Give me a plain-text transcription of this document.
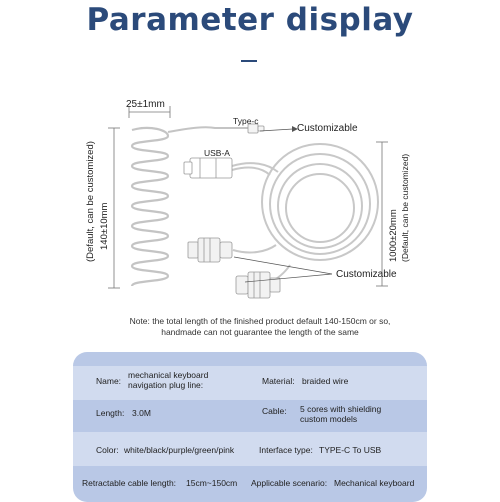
Parameter display
25±1mm
Type-c
USB-A
Customizable
Customizable
(Default, can be customized) 140±10mm	1000±20mm (Default, can be customized)
Note: the total length of the finished product default 140-150cm or so,
handmade can not guarantee the length of the same
Name:
mechanical keyboard
navigation plug line:	Material: braided wire
Length: 3.0M	Cable: 5 cores with shielding
custom models
Color: white/black/purple/green/pink	Interface type: TYPE-C To USB
Retractable cable length: 15cm~150cm Applicable scenario: Mechanical keyboard
